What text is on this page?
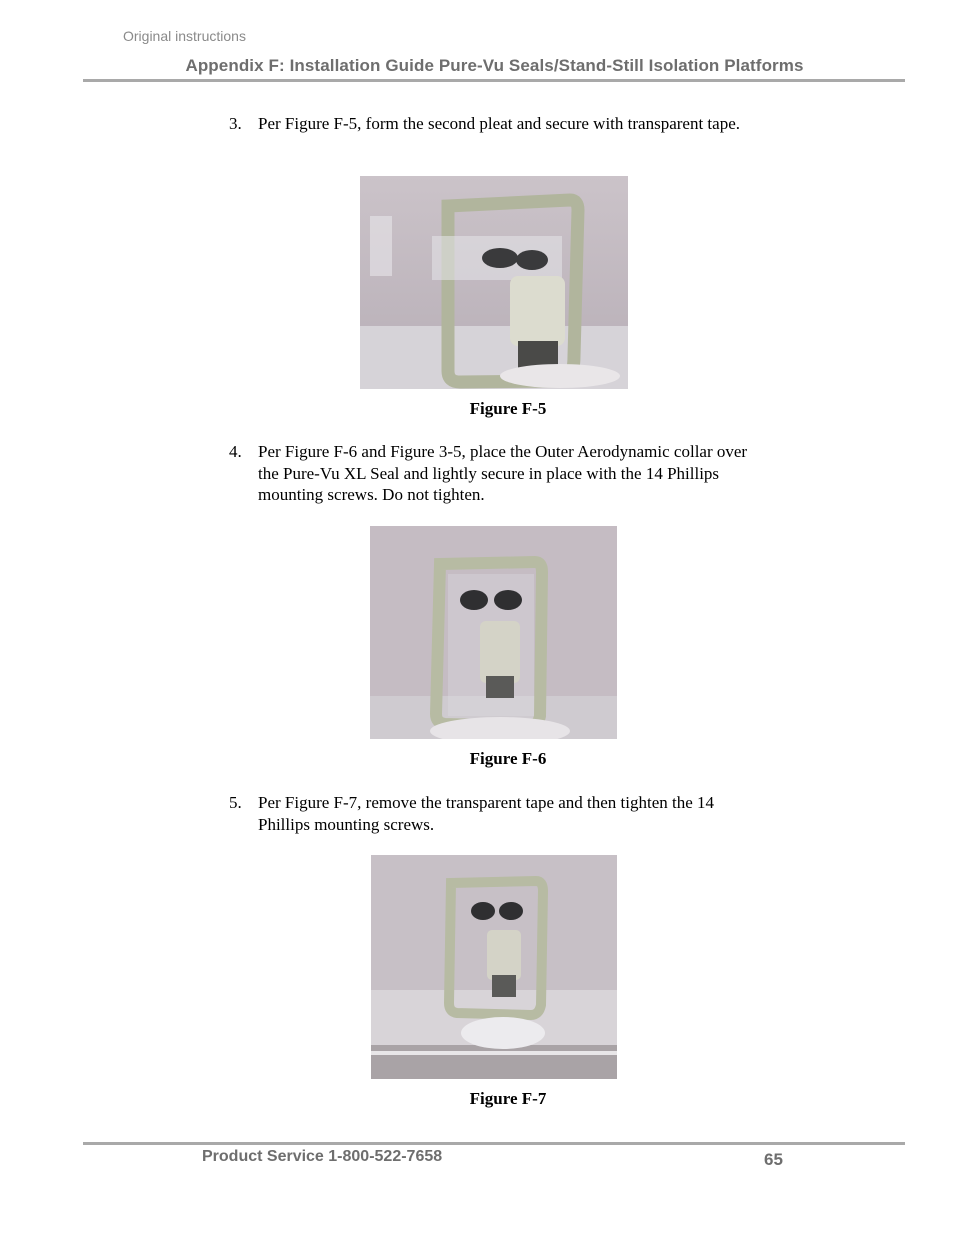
Original instructions
Appendix F: Installation Guide Pure-Vu Seals/Stand-Still Isolation Platforms
3. Per Figure F-5, form the second pleat and secure with transparent tape.
Figure F-5
4. Per Figure F-6 and Figure 3-5, place the Outer Aerodynamic collar over the Pure-Vu XL Seal and lightly secure in place with the 14 Phillips mounting screws. Do not tighten.
Figure F-6
5. Per Figure F-7, remove the transparent tape and then tighten the 14 Phillips mounting screws.
Figure F-7
Product Service 1-800-522-7658	65
